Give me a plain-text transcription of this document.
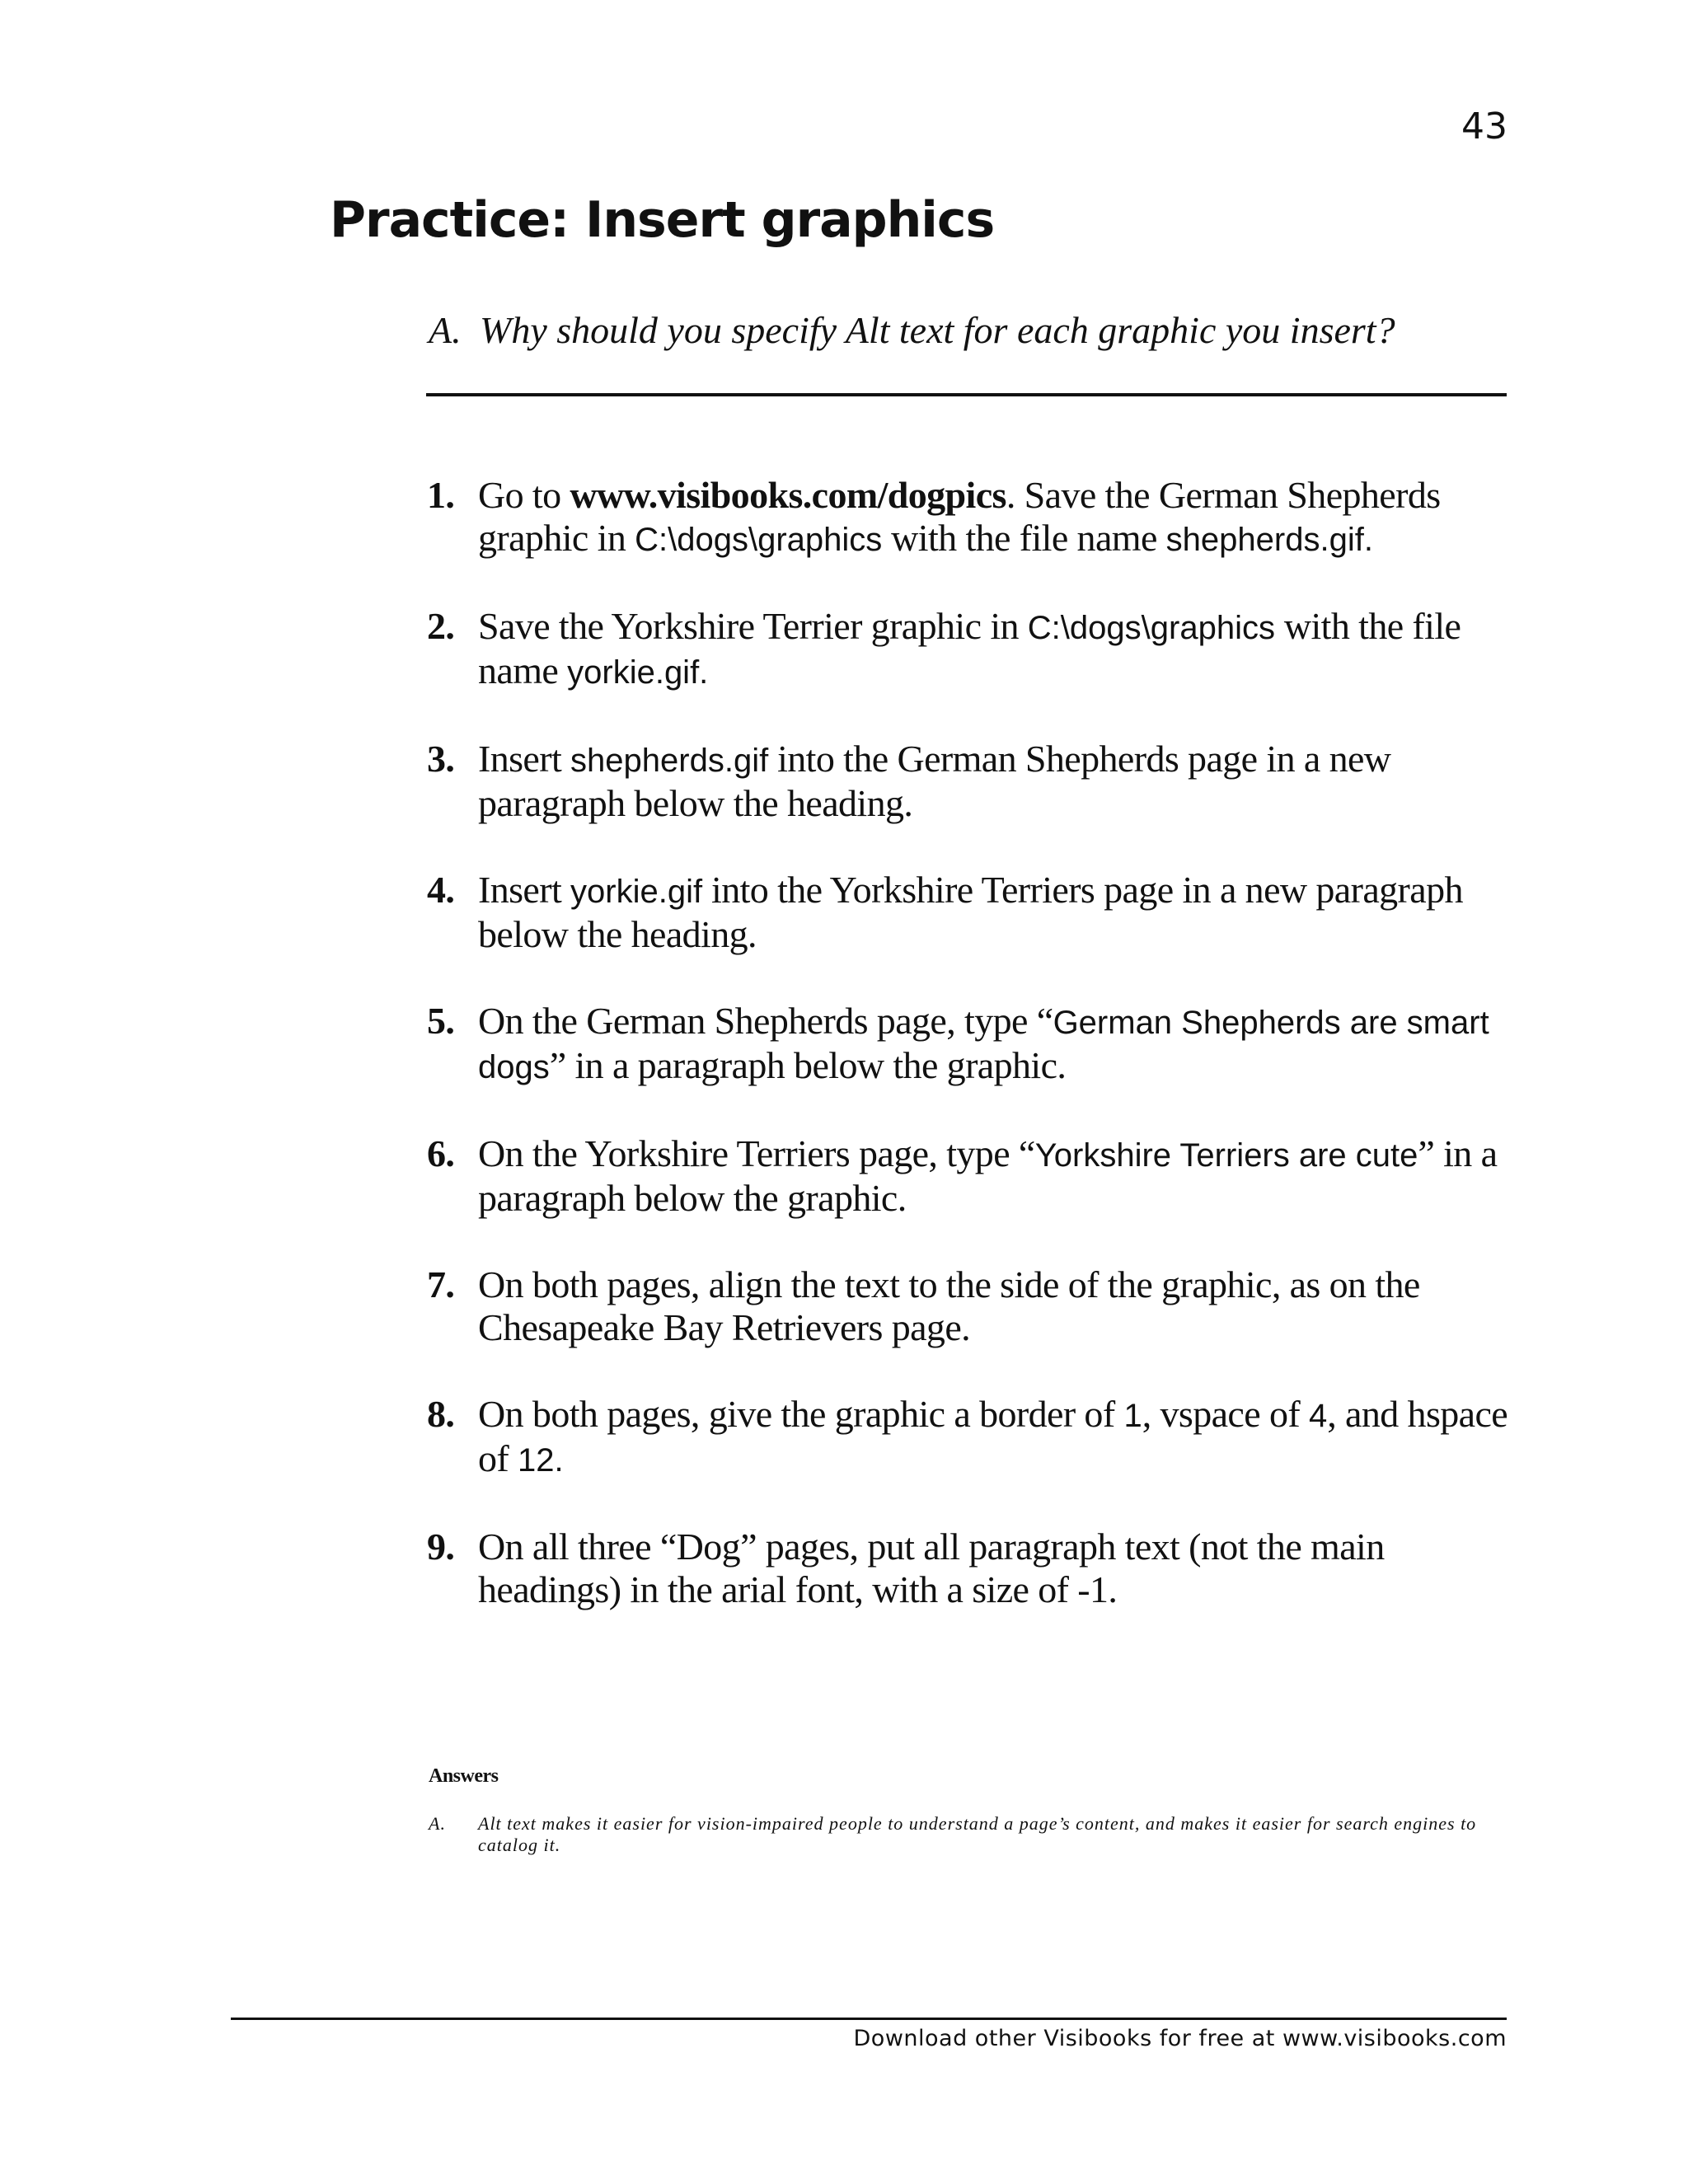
43
Practice: Insert graphics
A. Why should you specify Alt text for each graphic you insert?
1. Go to www.visibooks.com/dogpics. Save the German Shepherds graphic in C:\dogs\graphics with the file name shepherds.gif.
2. Save the Yorkshire Terrier graphic in C:\dogs\graphics with the file name yorkie.gif.
3. Insert shepherds.gif into the German Shepherds page in a new paragraph below the heading.
4. Insert yorkie.gif into the Yorkshire Terriers page in a new paragraph below the heading.
5. On the German Shepherds page, type “German Shepherds are smart dogs” in a paragraph below the graphic.
6. On the Yorkshire Terriers page, type “Yorkshire Terriers are cute” in a paragraph below the graphic.
7. On both pages, align the text to the side of the graphic, as on the Chesapeake Bay Retrievers page.
8. On both pages, give the graphic a border of 1, vspace of 4, and hspace of 12.
9. On all three “Dog” pages, put all paragraph text (not the main headings) in the arial font, with a size of -1.
Answers
A.	Alt text makes it easier for vision-impaired people to understand a page’s content, and makes it easier for search engines to catalog it.
Download other Visibooks for free at www.visibooks.com
